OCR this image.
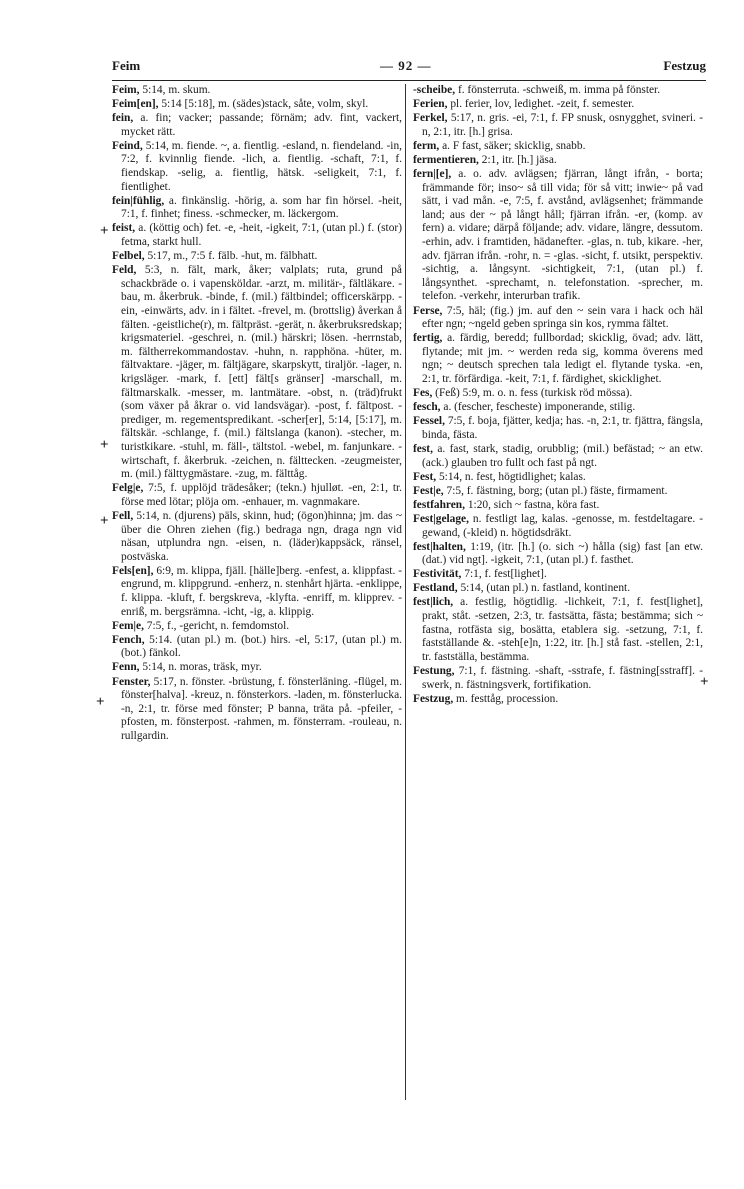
Feim	— 92 —	Festzug
Feim, 5:14, m. skum.
Feim[en], 5:14 [5:18], m. (sädes)stack, såte, volm, skyl.
fein, a. fin; vacker; passande; förnäm; adv. fint, vackert, mycket rätt.
Feind, 5:14, m. fiende. ~, a. fientlig. -esland, n. fiendeland. -in, 7:2, f. kvinnlig fiende. -lich, a. fientlig. -schaft, 7:1, f. fiendskap. -selig, a. fientlig, hätsk. -seligkeit, 7:1, f. fientlighet.
fein|fühlig, a. finkänslig. -hörig, a. som har fin hörsel. -heit, 7:1, f. finhet; finess. -schmecker, m. läckergom.
feist, a. (köttig och) fet. -e, -heit, -igkeit, 7:1, (utan pl.) f. (stor) fetma, starkt hull.
Felbel, 5:17, m., 7:5 f. fälb. -hut, m. fälbhatt.
Feld, 5:3, n. fält, mark, åker; valplats; ruta, grund på schackbräde o. i vapensköldar. -arzt, m. militär-, fältläkare. -bau, m. åkerbruk. -binde, f. (mil.) fältbindel; officerskärpp. -ein, -einwärts, adv. in i fältet. -frevel, m. (brottslig) åverkan å fälten. -geistliche(r), m. fältpräst. -gerät, n. åkerbruksredskap; krigsmateriel. -geschrei, n. (mil.) härskri; lösen. -herrnstab, m. fältherrekommandostav. -huhn, n. rapphöna. -hüter, m. fältvaktare. -jäger, m. fältjägare, skarpskytt, tiraljör. -lager, n. krigsläger. -mark, f. [ett] fält[s gränser] -marschall, m. fältmarskalk. -messer, m. lantmätare. -obst, n. (träd)frukt (som växer på åkrar o. vid landsvägar). -post, f. fältpost. -prediger, m. regementspredikant. -scher[er], 5:14, [5:17], m. fältskär. -schlange, f. (mil.) fältslanga (kanon). -stecher, m. turistkikare. -stuhl, m. fäll-, tältstol. -webel, m. fanjunkare. -wirtschaft, f. åkerbruk. -zeichen, n. fälttecken. -zeugmeister, m. (mil.) fälttygmästare. -zug, m. fälttåg.
Felg|e, 7:5, f. upplöjd trädesåker; (tekn.) hjulløt. -en, 2:1, tr. förse med lötar; plöja om. -enhauer, m. vagnmakare.
Fell, 5:14, n. (djurens) päls, skinn, hud; (ögon)hinna; jm. das ~ über die Ohren ziehen (fig.) bedraga ngn, draga ngn vid näsan, utplundra ngn. -eisen, n. (läder)kappsäck, ränsel, postväska.
Fels[en], 6:9, m. klippa, fjäll. [hälle]berg. -enfest, a. klippfast. -engrund, m. klippgrund. -enherz, n. stenhårt hjärta. -enklippe, f. klippa. -kluft, f. bergskreva, -klyfta. -enriff, m. klipprev. -enriß, m. bergsrämna. -icht, -ig, a. klippig.
Fem|e, 7:5, f., -gericht, n. femdomstol.
Fench, 5:14. (utan pl.) m. (bot.) hirs. -el, 5:17, (utan pl.) m. (bot.) fänkol.
Fenn, 5:14, n. moras, träsk, myr.
Fenster, 5:17, n. fönster. -brüstung, f. fönsterläning. -flügel, m. fönster[halva]. -kreuz, n. fönsterkors. -laden, m. fönsterlucka. -n, 2:1, tr. förse med fönster; P banna, träta på. -pfeiler, -pfosten, m. fönsterpost. -rahmen, m. fönsterram. -rouleau, n. rullgardin.
-scheibe, f. fönsterruta. -schweiß, m. imma på fönster.
Ferien, pl. ferier, lov, ledighet. -zeit, f. semester.
Ferkel, 5:17, n. gris. -ei, 7:1, f. FP snusk, osnygghet, svineri. -n, 2:1, itr. [h.] grisa.
ferm, a. F fast, säker; skicklig, snabb.
fermentieren, 2:1, itr. [h.] jäsa.
fern|[e], a. o. adv. avlägsen; fjärran, långt ifrån, - borta; främmande för; inso~ så till vida; för så vitt; inwie~ på vad sätt, i vad mån. -e, 7:5, f. avstånd, avlägsenhet; främmande land; aus der ~ på långt håll; fjärran ifrån. -er, (komp. av fern) a. vidare; därpå följande; adv. vidare, längre, dessutom. -erhin, adv. i framtiden, hädanefter. -glas, n. tub, kikare. -her, adv. fjärran ifrån. -rohr, n. = -glas. -sicht, f. utsikt, perspektiv. -sichtig, a. långsynt. -sichtigkeit, 7:1, (utan pl.) f. långsynthet. -sprechamt, n. telefonstation. -sprecher, m. telefon. -verkehr, interurban trafik.
Ferse, 7:5, häl; (fig.) jm. auf den ~ sein vara i hack och häl efter ngn; ~ngeld geben springa sin kos, rymma fältet.
fertig, a. färdig, beredd; fullbordad; skicklig, övad; adv. lätt, flytande; mit jm. ~ werden reda sig, komma överens med ngn; ~ deutsch sprechen tala ledigt el. flytande tyska. -en, 2:1, tr. förfärdiga. -keit, 7:1, f. färdighet, skicklighet.
Fes, (Feß) 5:9, m. o. n. fess (turkisk röd mössa).
fesch, a. (fescher, fescheste) imponerande, stilig.
Fessel, 7:5, f. boja, fjätter, kedja; has. -n, 2:1, tr. fjättra, fängsla, binda, fästa.
fest, a. fast, stark, stadig, orubblig; (mil.) befästad; ~ an etw. (ack.) glauben tro fullt och fast på ngt.
Fest, 5:14, n. fest, högtidlighet; kalas.
Fest|e, 7:5, f. fästning, borg; (utan pl.) fäste, firmament.
festfahren, 1:20, sich ~ fastna, köra fast.
Fest|gelage, n. festligt lag, kalas. -genosse, m. festdeltagare. -gewand, (-kleid) n. högtidsdräkt.
fest|halten, 1:19, (itr. [h.] (o. sich ~) hålla (sig) fast [an etw. (dat.) vid ngt]. -igkeit, 7:1, (utan pl.) f. fasthet.
Festivität, 7:1, f. fest[lighet].
Festland, 5:14, (utan pl.) n. fastland, kontinent.
fest|lich, a. festlig, högtidlig. -lichkeit, 7:1, f. fest[lighet], prakt, ståt. -setzen, 2:3, tr. fastsätta, fästa; bestämma; sich ~ fastna, rotfästa sig, bosätta, etablera sig. -setzung, 7:1, f. fastställande &. -steh[e]n, 1:22, itr. [h.] stå fast. -stellen, 2:1, tr. fastställa, bestämma.
Festung, 7:1, f. fästning. -shaft, -sstrafe, f. fästning[sstraff]. -swerk, n. fästningsverk, fortifikation.
Festzug, m. festtåg, procession.
+
+
+
+
+
